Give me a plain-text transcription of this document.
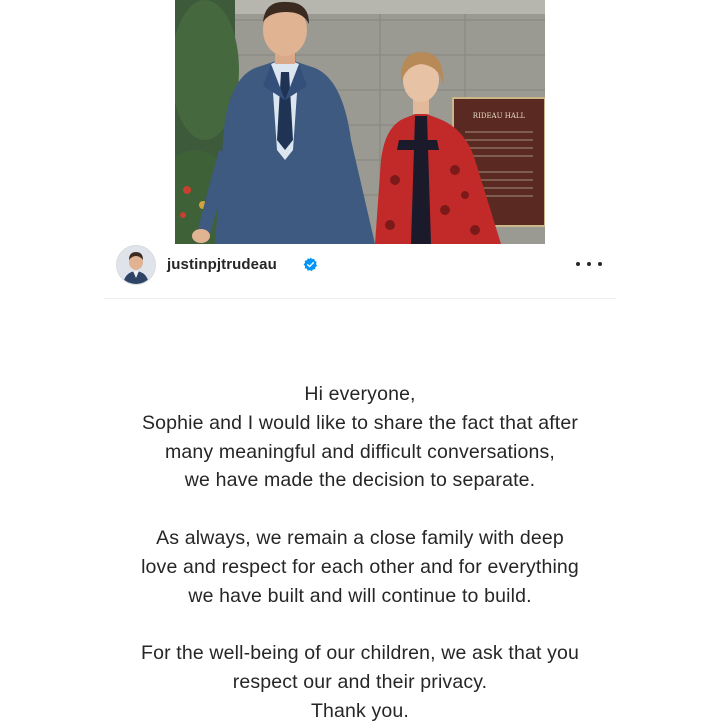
RIDEAU HALL
justinpjtrudeau
Hi everyone,
Sophie and I would like to share the fact that after
many meaningful and difficult conversations,
we have made the decision to separate.
As always, we remain a close family with deep
love and respect for each other and for everything
we have built and will continue to build.
For the well-being of our children, we ask that you
respect our and their privacy.
Thank you.
